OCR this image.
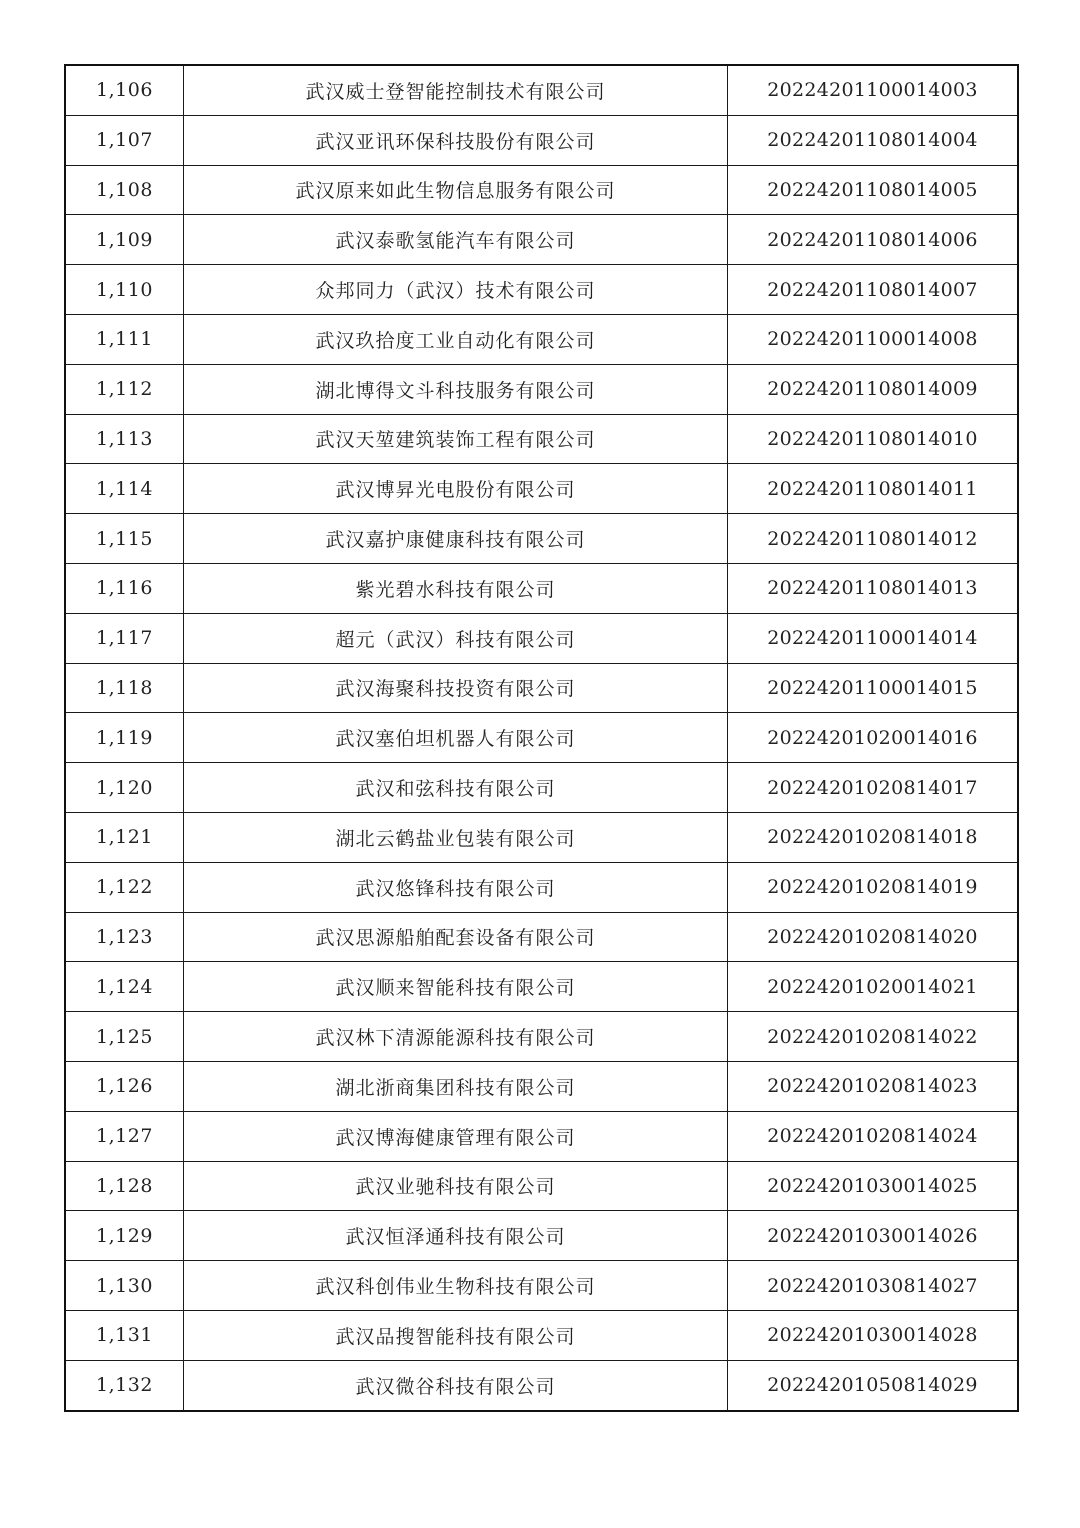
1,106	武汉威士登智能控制技术有限公司	20224201100014003
1,107	武汉亚讯环保科技股份有限公司	20224201108014004
1,108	武汉原来如此生物信息服务有限公司	20224201108014005
1,109	武汉泰歌氢能汽车有限公司	20224201108014006
1,110	众邦同力（武汉）技术有限公司	20224201108014007
1,111	武汉玖拾度工业自动化有限公司	20224201100014008
1,112	湖北博得文斗科技服务有限公司	20224201108014009
1,113	武汉天堃建筑装饰工程有限公司	20224201108014010
1,114	武汉博昇光电股份有限公司	20224201108014011
1,115	武汉嘉护康健康科技有限公司	20224201108014012
1,116	紫光碧水科技有限公司	20224201108014013
1,117	超元（武汉）科技有限公司	20224201100014014
1,118	武汉海聚科技投资有限公司	20224201100014015
1,119	武汉塞伯坦机器人有限公司	20224201020014016
1,120	武汉和弦科技有限公司	20224201020814017
1,121	湖北云鹤盐业包装有限公司	20224201020814018
1,122	武汉悠锋科技有限公司	20224201020814019
1,123	武汉思源船舶配套设备有限公司	20224201020814020
1,124	武汉顺来智能科技有限公司	20224201020014021
1,125	武汉林下清源能源科技有限公司	20224201020814022
1,126	湖北浙商集团科技有限公司	20224201020814023
1,127	武汉博海健康管理有限公司	20224201020814024
1,128	武汉业驰科技有限公司	20224201030014025
1,129	武汉恒泽通科技有限公司	20224201030014026
1,130	武汉科创伟业生物科技有限公司	20224201030814027
1,131	武汉品搜智能科技有限公司	20224201030014028
1,132	武汉微谷科技有限公司	20224201050814029
